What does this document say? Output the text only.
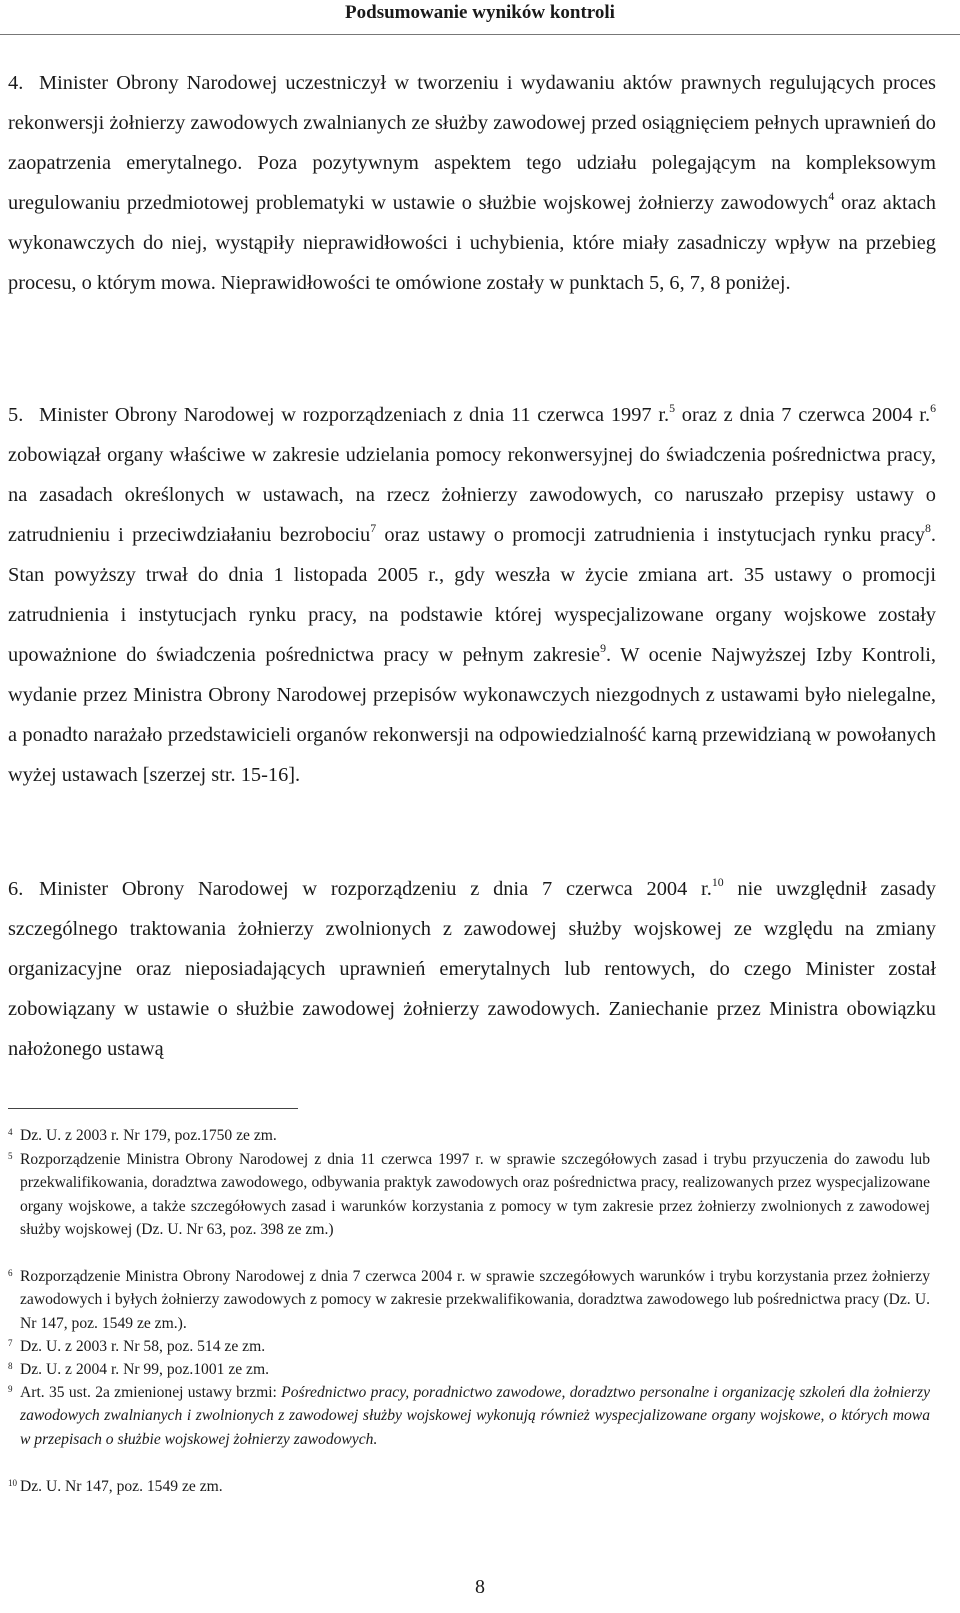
Podsumowanie wyników kontroli

4. Minister Obrony Narodowej uczestniczył w tworzeniu i wydawaniu aktów prawnych regulujących proces rekonwersji żołnierzy zawodowych zwalnianych ze służby zawodowej przed osiągnięciem pełnych uprawnień do zaopatrzenia emerytalnego. Poza pozytywnym aspektem tego udziału polegającym na kompleksowym uregulowaniu przedmiotowej problematyki w ustawie o służbie wojskowej żołnierzy zawodowych$^4$ oraz aktach wykonawczych do niej, wystąpiły nieprawidłowości i uchybienia, które miały zasadniczy wpływ na przebieg procesu, o którym mowa. Nieprawidłowości te omówione zostały w punktach 5, 6, 7, 8 poniżej.

5. Minister Obrony Narodowej w rozporządzeniach z dnia 11 czerwca 1997 r.$^5$ oraz z dnia 7 czerwca 2004 r.$^6$ zobowiązał organy właściwe w zakresie udzielania pomocy rekonwersyjnej do świadczenia pośrednictwa pracy, na zasadach określonych w ustawach, na rzecz żołnierzy zawodowych, co naruszało przepisy ustawy o zatrudnieniu i przeciwdziałaniu bezrobociu$^7$ oraz ustawy o promocji zatrudnienia i instytucjach rynku pracy$^8$. Stan powyższy trwał do dnia 1 listopada 2005 r., gdy weszła w życie zmiana art. 35 ustawy o promocji zatrudnienia i instytucjach rynku pracy, na podstawie której wyspecjalizowane organy wojskowe zostały upoważnione do świadczenia pośrednictwa pracy w pełnym zakresie$^9$. W ocenie Najwyższej Izby Kontroli, wydanie przez Ministra Obrony Narodowej przepisów wykonawczych niezgodnych z ustawami było nielegalne, a ponadto narażało przedstawicieli organów rekonwersji na odpowiedzialność karną przewidzianą w powołanych wyżej ustawach [szerzej str. 15-16].

6. Minister Obrony Narodowej w rozporządzeniu z dnia 7 czerwca 2004 r.$^{10}$ nie uwzględnił zasady szczególnego traktowania żołnierzy zwolnionych z zawodowej służby wojskowej ze względu na zmiany organizacyjne oraz nieposiadających uprawnień emerytalnych lub rentowych, do czego Minister został zobowiązany w ustawie o służbie zawodowej żołnierzy zawodowych. Zaniechanie przez Ministra obowiązku nałożonego ustawą

$^4$ Dz. U. z 2003 r. Nr 179, poz.1750 ze zm.

$^5$ Rozporządzenie Ministra Obrony Narodowej z dnia 11 czerwca 1997 r. w sprawie szczegółowych zasad i trybu przyuczenia do zawodu lub przekwalifikowania, doradztwa zawodowego, odbywania praktyk zawodowych oraz pośrednictwa pracy, realizowanych przez wyspecjalizowane organy wojskowe, a także szczegółowych zasad i warunków korzystania z pomocy w tym zakresie przez żołnierzy zwolnionych z zawodowej służby wojskowej (Dz. U. Nr 63, poz. 398 ze zm.)

$^6$ Rozporządzenie Ministra Obrony Narodowej z dnia 7 czerwca 2004 r. w sprawie szczegółowych warunków i trybu korzystania przez żołnierzy zawodowych i byłych żołnierzy zawodowych z pomocy w zakresie przekwalifikowania, doradztwa zawodowego lub pośrednictwa pracy (Dz. U. Nr 147, poz. 1549 ze zm.).

$^7$ Dz. U. z 2003 r. Nr 58, poz. 514 ze zm.

$^8$ Dz. U. z 2004 r. Nr 99, poz.1001 ze zm.

$^9$ Art. 35 ust. 2a zmienionej ustawy brzmi: Pośrednictwo pracy, poradnictwo zawodowe, doradztwo personalne i organizację szkoleń dla żołnierzy zawodowych zwalnianych i zwolnionych z zawodowej służby wojskowej wykonują również wyspecjalizowane organy wojskowe, o których mowa w przepisach o służbie wojskowej żołnierzy zawodowych.

$^{10}$ Dz. U. Nr 147, poz. 1549 ze zm.

8
